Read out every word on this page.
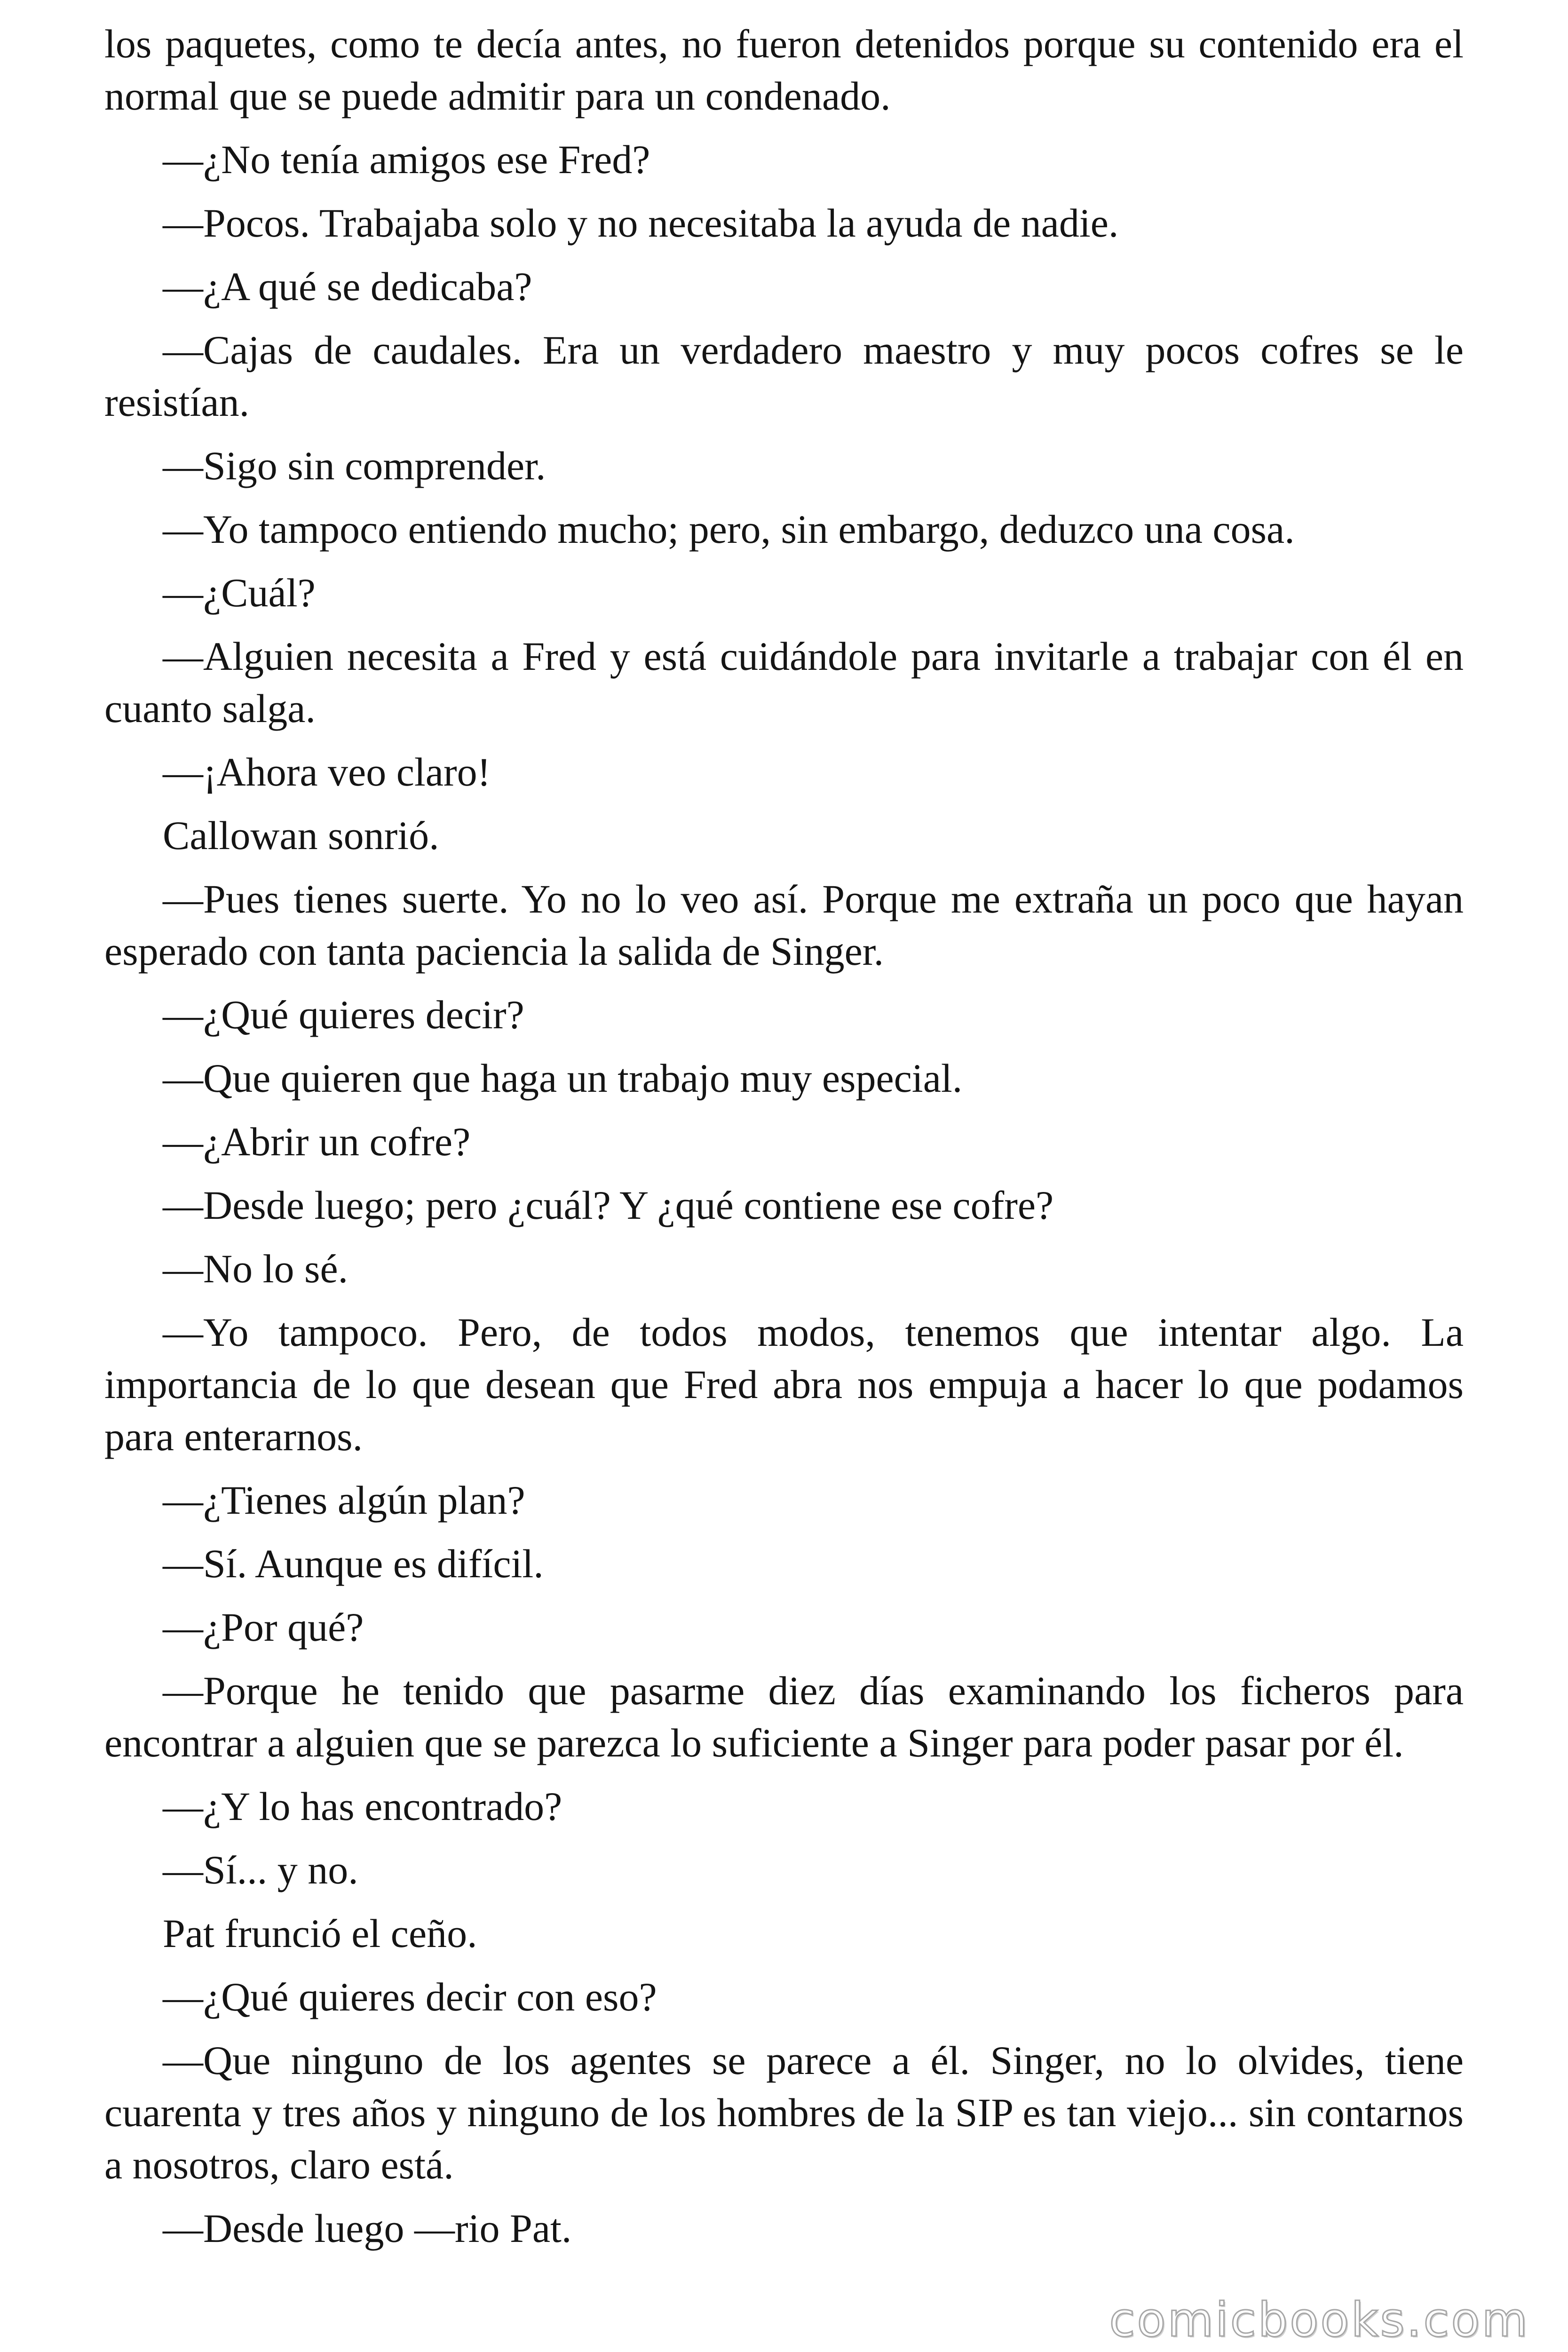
los paquetes, como te decía antes, no fueron detenidos porque su contenido era el normal que se puede admitir para un condenado.

—¿No tenía amigos ese Fred?

—Pocos. Trabajaba solo y no necesitaba la ayuda de nadie.

—¿A qué se dedicaba?

—Cajas de caudales. Era un verdadero maestro y muy pocos cofres se le resistían.

—Sigo sin comprender.

—Yo tampoco entiendo mucho; pero, sin embargo, deduzco una cosa.

—¿Cuál?

—Alguien necesita a Fred y está cuidándole para invitarle a trabajar con él en cuanto salga.

—¡Ahora veo claro!

Callowan sonrió.

—Pues tienes suerte. Yo no lo veo así. Porque me extraña un poco que hayan esperado con tanta paciencia la salida de Singer.

—¿Qué quieres decir?

—Que quieren que haga un trabajo muy especial.

—¿Abrir un cofre?

—Desde luego; pero ¿cuál? Y ¿qué contiene ese cofre?

—No lo sé.

—Yo tampoco. Pero, de todos modos, tenemos que intentar algo. La importancia de lo que desean que Fred abra nos empuja a hacer lo que podamos para enterarnos.

—¿Tienes algún plan?

—Sí. Aunque es difícil.

—¿Por qué?

—Porque he tenido que pasarme diez días examinando los ficheros para encontrar a alguien que se parezca lo suficiente a Singer para poder pasar por él.

—¿Y lo has encontrado?

—Sí... y no.

Pat frunció el ceño.

—¿Qué quieres decir con eso?

—Que ninguno de los agentes se parece a él. Singer, no lo olvides, tiene cuarenta y tres años y ninguno de los hombres de la SIP es tan viejo... sin contarnos a nosotros, claro está.

—Desde luego —rio Pat.

comicbooks.com
